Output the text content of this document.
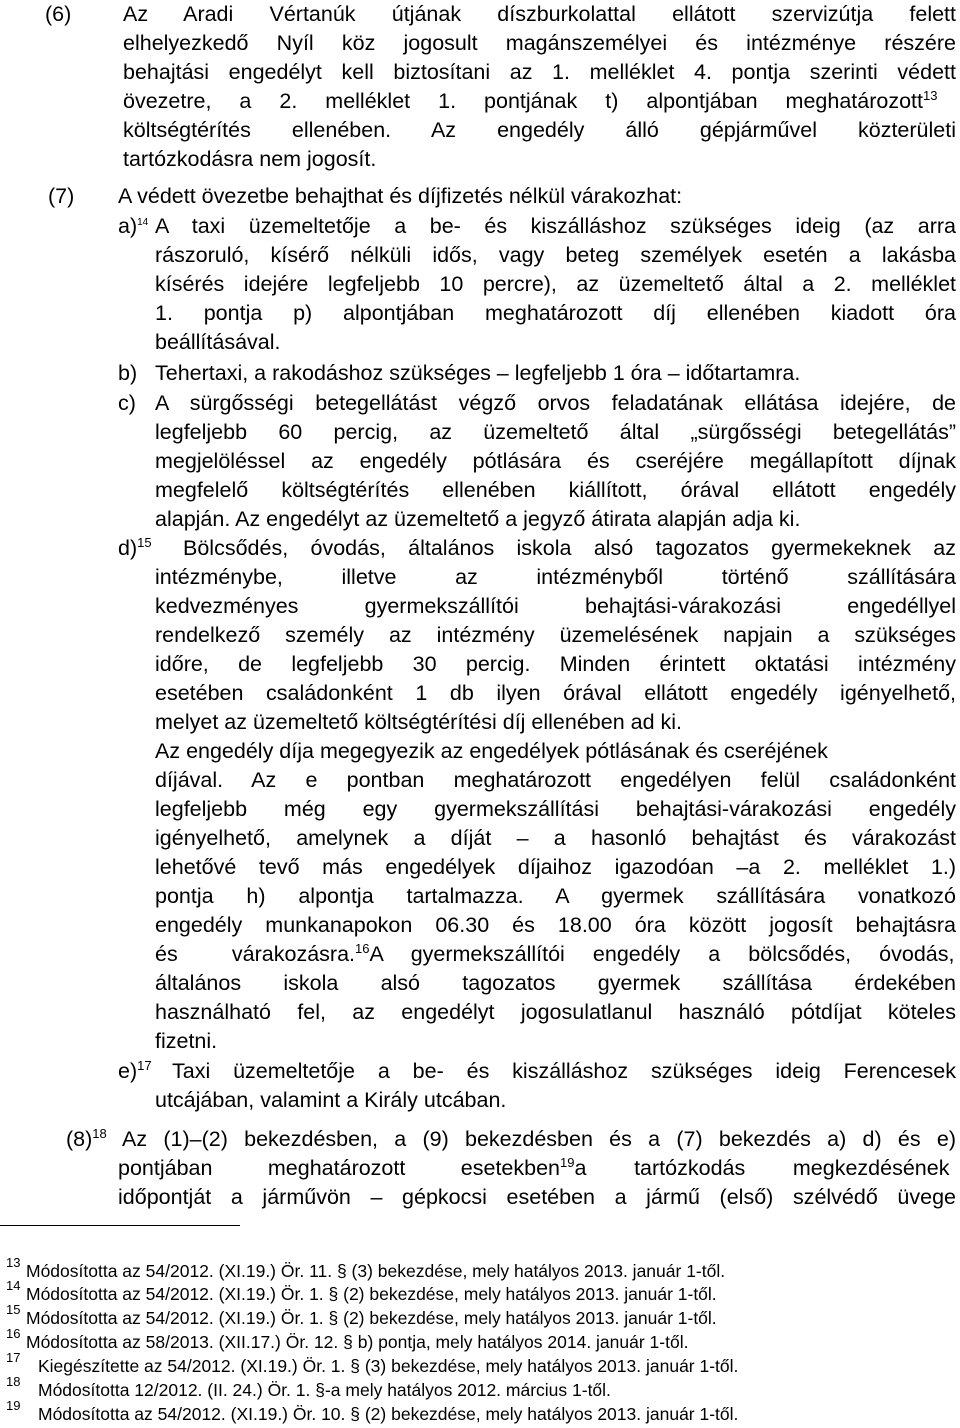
(6) Az Aradi Vértanúk útjának díszburkolattal ellátott szervizútja felett
elhelyezkedő Nyíl köz jogosult magánszemélyei és intézménye részére
behajtási engedélyt kell biztosítani az 1. melléklet 4. pontja szerinti védett
övezetre, a 2. melléklet 1. pontjának t) alpontjában meghatározott$^{13}$
költségtérítés ellenében. Az engedély álló gépjárművel közterületi
tartózkodásra nem jogosít.
(7) A védett övezetbe behajthat és díjfizetés nélkül várakozhat:
a)$^{14}$ A taxi üzemeltetője a be- és kiszálláshoz szükséges ideig (az arra
rászoruló, kísérő nélküli idős, vagy beteg személyek esetén a lakásba
kísérés idejére legfeljebb 10 percre), az üzemeltető által a 2. melléklet
1. pontja p) alpontjában meghatározott díj ellenében kiadott óra
beállításával.
b) Tehertaxi, a rakodáshoz szükséges – legfeljebb 1 óra – időtartamra.
c) A sürgősségi betegellátást végző orvos feladatának ellátása idejére, de
legfeljebb 60 percig, az üzemeltető által „sürgősségi betegellátás”
megjelöléssel az engedély pótlására és cseréjére megállapított díjnak
megfelelő költségtérítés ellenében kiállított, órával ellátott engedély
alapján. Az engedélyt az üzemeltető a jegyző átirata alapján adja ki.
d)$^{15}$ Bölcsődés, óvodás, általános iskola alsó tagozatos gyermekeknek az
intézménybe, illetve az intézményből történő szállítására
kedvezményes gyermekszállítói behajtási-várakozási engedéllyel
rendelkező személy az intézmény üzemelésének napjain a szükséges
időre, de legfeljebb 30 percig. Minden érintett oktatási intézmény
esetében családonként 1 db ilyen órával ellátott engedély igényelhető,
melyet az üzemeltető költségtérítési díj ellenében ad ki.
Az engedély díja megegyezik az engedélyek pótlásának és cseréjének
díjával. Az e pontban meghatározott engedélyen felül családonként
legfeljebb még egy gyermekszállítási behajtási-várakozási engedély
igényelhető, amelynek a díját – a hasonló behajtást és várakozást
lehetővé tevő más engedélyek díjaihoz igazodóan –a 2. melléklet 1.)
pontja h) alpontja tartalmazza. A gyermek szállítására vonatkozó
engedély munkanapokon 06.30 és 18.00 óra között jogosít behajtásra
és várakozásra.$^{16}$A gyermekszállítói engedély a bölcsődés, óvodás,
általános iskola alsó tagozatos gyermek szállítása érdekében
használható fel, az engedélyt jogosulatlanul használó pótdíjat köteles
fizetni.
e)$^{17}$ Taxi üzemeltetője a be- és kiszálláshoz szükséges ideig Ferencesek
utcájában, valamint a Király utcában.
$(8)^{18}$ Az (1)–(2) bekezdésben, a (9) bekezdésben és a (7) bekezdés a) d) és e)
pontjában meghatározott esetekben$^{19}$a tartózkodás megkezdésének
időpontját a járművön – gépkocsi esetében a jármű (első) szélvédő üvege
13 Módosította az 54/2012. (XI.19.) Ör. 11. § (3) bekezdése, mely hatályos 2013. január 1-től.
14 Módosította az 54/2012. (XI.19.) Ör. 1. § (2) bekezdése, mely hatályos 2013. január 1-től.
15 Módosította az 54/2012. (XI.19.) Ör. 1. § (2) bekezdése, mely hatályos 2013. január 1-től.
16 Módosította az 58/2013. (XII.17.) Ör. 12. § b) pontja, mely hatályos 2014. január 1-től.
17 Kiegészítette az 54/2012. (XI.19.) Ör. 1. § (3) bekezdése, mely hatályos 2013. január 1-től.
18 Módosította 12/2012. (II. 24.) Ör. 1. §-a mely hatályos 2012. március 1-től.
19 Módosította az 54/2012. (XI.19.) Ör. 10. § (2) bekezdése, mely hatályos 2013. január 1-től.
